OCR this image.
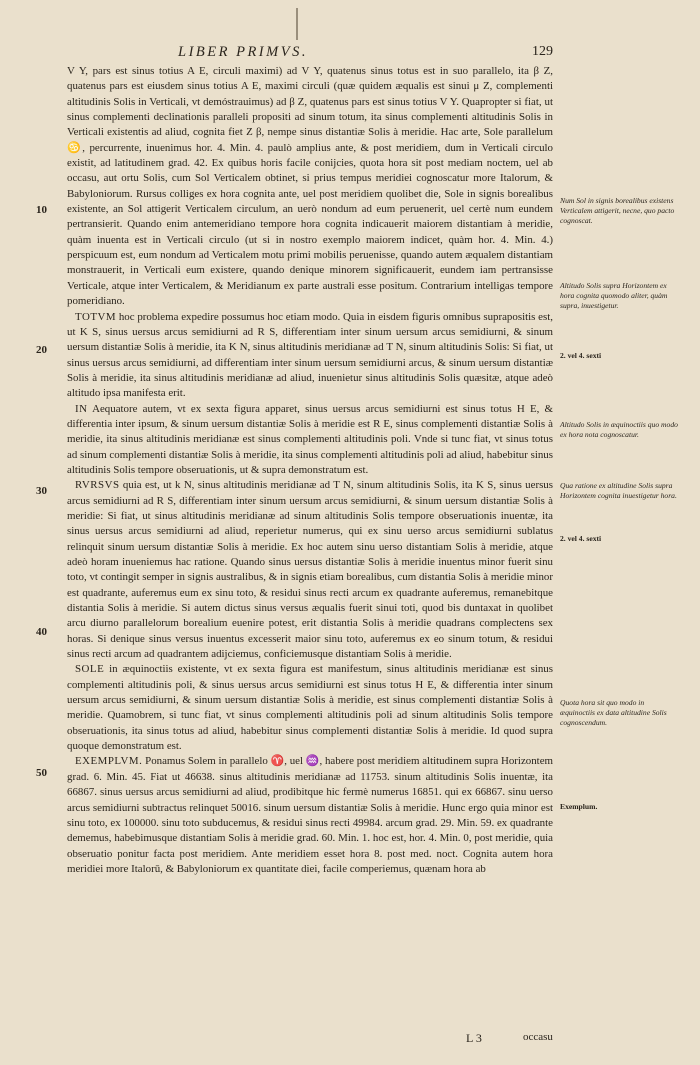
LIBER PRIMVS.	129
10
20
30
40
50

V Y, pars est sinus totius A E, circuli maximi) ad V Y, quatenus sinus totus est in suo parallelo, ita β Z, quatenus pars est eiusdem sinus totius A E, maximi circuli (quæ quidem æqualis est sinui μ Z, complementi altitudinis Solis in Verticali, vt demóstrauimus) ad β Z, quatenus pars est sinus totius V Y. Quapropter si fiat, ut sinus complementi declinationis paralleli propositi ad sinum totum, ita sinus complementi altitudinis Solis in Verticali existentis ad aliud, cognita fiet Z β, nempe sinus distantiæ Solis à meridie. Hac arte, Sole parallelum ♋, percurrente, inuenimus hor. 4. Min. 4. paulò amplius ante, & post meridiem, dum in Verticali circulo existit, ad latitudinem grad. 42. Ex quibus horis facile conijcies, quota hora sit post mediam noctem, uel ab occasu, aut ortu Solis, cum Sol Verticalem obtinet, si prius tempus meridiei cognoscatur more Italorum, & Babyloniorum. Rursus colliges ex hora cognita ante, uel post meridiem quolibet die, Sole in signis borealibus existente, an Sol attigerit Verticalem circulum, an uerò nondum ad eum peruenerit, uel certè num eundem pertransierit. Quando enim antemeridiano tempore hora cognita indicauerit maiorem distantiam à meridie, quàm inuenta est in Verticali circulo (ut si in nostro exemplo maiorem indicet, quàm hor. 4. Min. 4.) perspicuum est, eum nondum ad Verticalem motu primi mobilis peruenisse, quando autem æqualem distantiam monstrauerit, in Verticali eum existere, quando denique minorem significauerit, eundem iam pertransisse Verticale, atque inter Verticalem, & Meridianum ex parte australi esse positum. Contrarium intelligas tempore pomeridiano.

TOTVM hoc problema expedire possumus hoc etiam modo. Quia in eisdem figuris omnibus suprapositis est, ut K S, sinus uersus arcus semidiurni ad R S, differentiam inter sinum uersum arcus semidiurni, & sinum uersum distantiæ Solis à meridie, ita K N, sinus altitudinis meridianæ ad T N, sinum altitudinis Solis: Si fiat, ut sinus uersus arcus semidiurni, ad differentiam inter sinum uersum semidiurni arcus, & sinum uersum distantiæ Solis à meridie, ita sinus altitudinis meridianæ ad aliud, inuenietur sinus altitudinis Solis quæsitæ, atque adeò altitudo ipsa manifesta erit.

IN Aequatore autem, vt ex sexta figura apparet, sinus uersus arcus semidiurni est sinus totus H E, & differentia inter ipsum, & sinum uersum distantiæ Solis à meridie est R E, sinus complementi distantiæ Solis à meridie, ita sinus altitudinis meridianæ est sinus complementi altitudinis poli. Vnde si tunc fiat, vt sinus totus ad sinum complementi distantiæ Solis à meridie, ita sinus complementi altitudinis poli ad aliud, habebitur sinus altitudinis Solis tempore obseruationis, ut & supra demonstratum est.

RVRSVS quia est, ut k N, sinus altitudinis meridianæ ad T N, sinum altitudinis Solis, ita K S, sinus uersus arcus semidiurni ad R S, differentiam inter sinum uersum arcus semidiurni, & sinum uersum distantiæ Solis à meridie: Si fiat, ut sinus altitudinis meridianæ ad sinum altitudinis Solis tempore obseruationis inuentæ, ita sinus uersus arcus semidiurni ad aliud, reperietur numerus, qui ex sinu uerso arcus semidiurni sublatus relinquit sinum uersum distantiæ Solis à meridie. Ex hoc autem sinu uerso distantiam Solis à meridie, atque adeò horam inueniemus hac ratione. Quando sinus uersus distantiæ Solis à meridie inuentus minor fuerit sinu toto, vt contingit semper in signis australibus, & in signis etiam borealibus, cum distantia Solis à meridie minor est quadrante, auferemus eum ex sinu toto, & residui sinus recti arcum ex quadrante auferemus, remanebitque distantia Solis à meridie. Si autem dictus sinus versus æqualis fuerit sinui toti, quod bis duntaxat in quolibet arcu diurno parallelorum borealium euenire potest, erit distantia Solis à meridie quadrans complectens sex horas. Si denique sinus versus inuentus excesserit maior sinu toto, auferemus ex eo sinum totum, & residui sinus recti arcum ad quadrantem adijciemus, conficiemusque distantiam Solis à meridie.

SOLE in æquinoctiis existente, vt ex sexta figura est manifestum, sinus altitudinis meridianæ est sinus complementi altitudinis poli, & sinus uersus arcus semidiurni est sinus totus H E, & differentia inter sinum uersum arcus semidiurni, & sinum uersum distantiæ Solis à meridie, est sinus complementi distantiæ Solis à meridie. Quamobrem, si tunc fiat, vt sinus complementi altitudinis poli ad sinum altitudinis Solis tempore obseruationis, ita sinus totus ad aliud, habebitur sinus complementi distantiæ Solis à meridie. Id quod supra quoque demonstratum est.

EXEMPLVM. Ponamus Solem in parallelo ♈, uel ♒, habere post meridiem altitudinem supra Horizontem grad. 6. Min. 45. Fiat ut 46638. sinus altitudinis meridianæ ad 11753. sinum altitudinis Solis inuentæ, ita 66867. sinus uersus arcus semidiurni ad aliud, prodibitque hic fermè numerus 16851. qui ex 66867. sinu uerso arcus semidiurni subtractus relinquet 50016. sinum uersum distantiæ Solis à meridie. Hunc ergo quia minor est sinu toto, ex 100000. sinu toto subducemus, & residui sinus recti 49984. arcum grad. 29. Min. 59. ex quadrante dememus, habebimusque distantiam Solis à meridie grad. 60. Min. 1. hoc est, hor. 4. Min. 0, post meridie, quia obseruatio ponitur facta post meridiem. Ante meridiem esset hora 8. post med. noct. Cognita autem hora meridiei more Italorū, & Babyloniorum ex quantitate diei, facile comperiemus, quænam hora ab

Num Sol in signis borealibus existens Verticalem attigerit, necne, quo pacto cognoscat.
Altitudo Solis supra Horizontem ex hora cognita quomodo aliter, quàm supra, inuestigetur.
2. vel 4. sexti
Altitudo Solis in æquinoctiis quo modo ex hora nota cognoscatur.
Qua ratione ex altitudine Solis supra Horizontem cognita inuestigetur hora.
2. vel 4. sexti
Quota hora sit quo modo in æquinoctiis ex data altitudine Solis cognoscendum.
Exemplum.
L 3	occasu
